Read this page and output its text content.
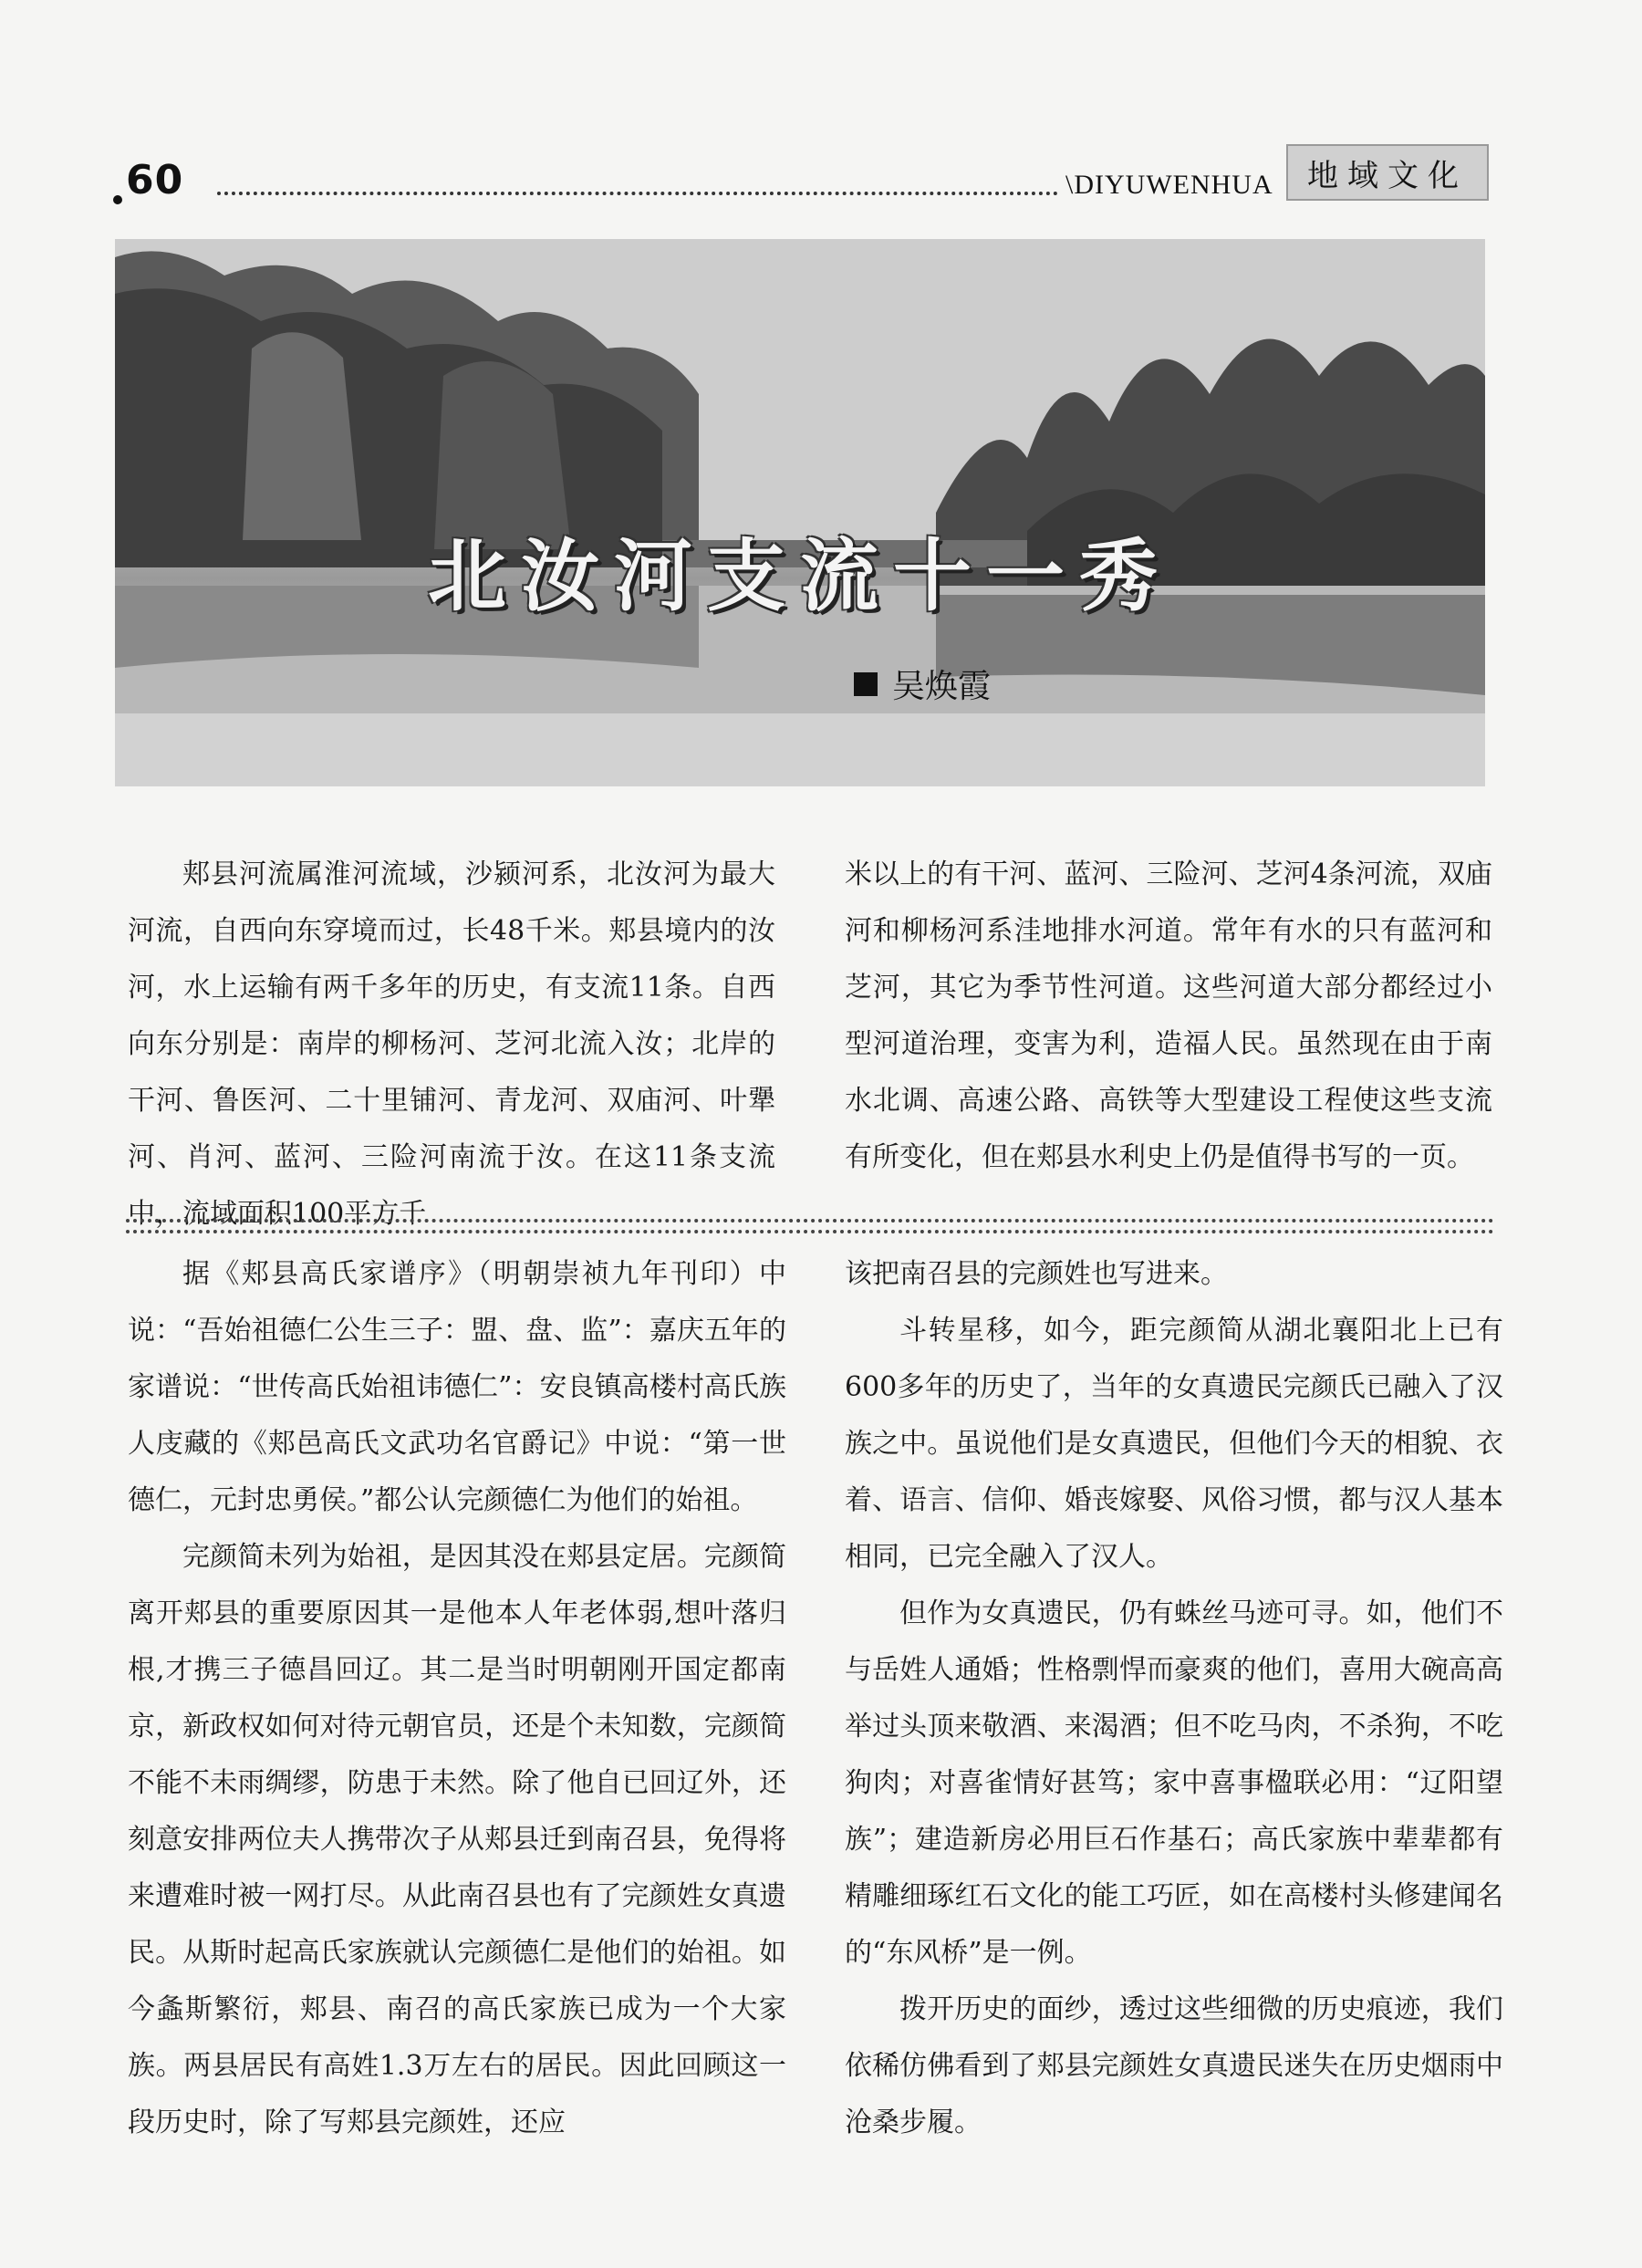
60	\DIYUWENHUA	地域文化
北汝河支流十一秀
吴焕霞

郏县河流属淮河流域，沙颍河系，北汝河为最大河流，自西向东穿境而过，长48千米。郏县境内的汝河，水上运输有两千多年的历史，有支流11条。自西向东分别是：南岸的柳杨河、芝河北流入汝；北岸的干河、鲁医河、二十里铺河、青龙河、双庙河、叶犟河、肖河、蓝河、三险河南流于汝。在这11条支流中，流域面积100平方千

米以上的有干河、蓝河、三险河、芝河4条河流，双庙河和柳杨河系洼地排水河道。常年有水的只有蓝河和芝河，其它为季节性河道。这些河道大部分都经过小型河道治理，变害为利，造福人民。虽然现在由于南水北调、高速公路、高铁等大型建设工程使这些支流有所变化，但在郏县水利史上仍是值得书写的一页。

据《郏县高氏家谱序》（明朝崇祯九年刊印）中说：“吾始祖德仁公生三子：盟、盘、监”：嘉庆五年的家谱说：“世传高氏始祖讳德仁”：安良镇高楼村高氏族人庋藏的《郏邑高氏文武功名官爵记》中说：“第一世德仁，元封忠勇侯。”都公认完颜德仁为他们的始祖。

完颜简未列为始祖，是因其没在郏县定居。完颜简离开郏县的重要原因其一是他本人年老体弱,想叶落归根,才携三子德昌回辽。其二是当时明朝刚开国定都南京，新政权如何对待元朝官员，还是个未知数，完颜简不能不未雨绸缪，防患于未然。除了他自已回辽外，还刻意安排两位夫人携带次子从郏县迁到南召县，免得将来遭难时被一网打尽。从此南召县也有了完颜姓女真遗民。从斯时起高氏家族就认完颜德仁是他们的始祖。如今螽斯繁衍，郏县、南召的高氏家族已成为一个大家族。两县居民有高姓1.3万左右的居民。因此回顾这一段历史时，除了写郏县完颜姓，还应

该把南召县的完颜姓也写进来。

斗转星移，如今，距完颜简从湖北襄阳北上已有600多年的历史了，当年的女真遗民完颜氏已融入了汉族之中。虽说他们是女真遗民，但他们今天的相貌、衣着、语言、信仰、婚丧嫁娶、风俗习惯，都与汉人基本相同，已完全融入了汉人。

但作为女真遗民，仍有蛛丝马迹可寻。如，他们不与岳姓人通婚；性格剽悍而豪爽的他们，喜用大碗高高举过头顶来敬酒、来渴酒；但不吃马肉，不杀狗，不吃狗肉；对喜雀情好甚笃；家中喜事楹联必用：“辽阳望族”；建造新房必用巨石作基石；高氏家族中辈辈都有精雕细琢红石文化的能工巧匠，如在高楼村头修建闻名的“东风桥”是一例。

拨开历史的面纱，透过这些细微的历史痕迹，我们依稀仿佛看到了郏县完颜姓女真遗民迷失在历史烟雨中沧桑步履。
